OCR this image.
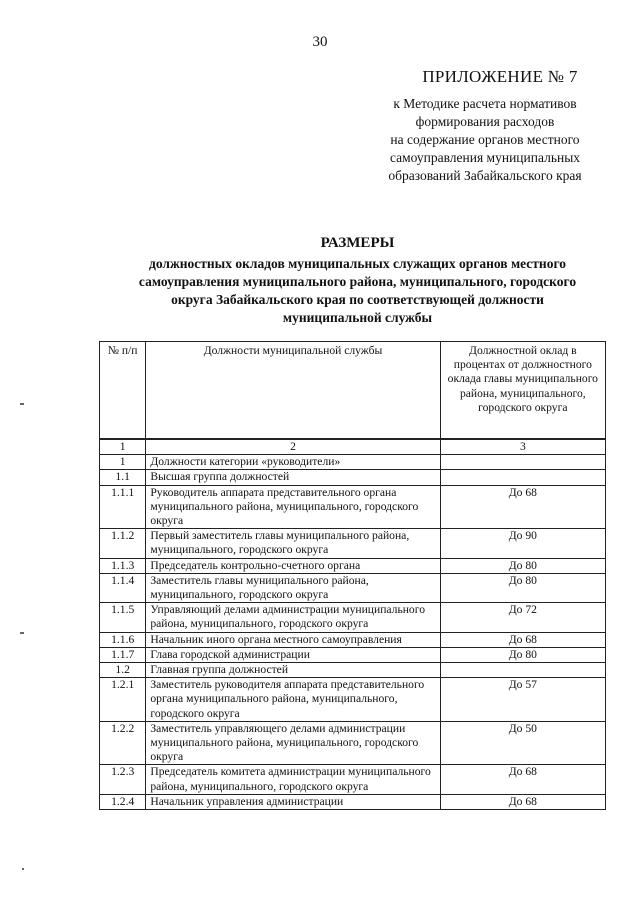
30
ПРИЛОЖЕНИЕ № 7
к Методике расчета нормативов
формирования расходов
на содержание органов местного
самоуправления муниципальных
образований Забайкальского края
РАЗМЕРЫ
должностных окладов муниципальных служащих органов местного
самоуправления муниципального района, муниципального, городского
округа Забайкальского края по соответствующей должности
муниципальной службы
№ п/п	Должности муниципальной службы	Должностной оклад в процентах от должностного оклада главы муниципального района, муниципального, городского округа
1	2	3
1	Должности категории «руководители»	
1.1	Высшая группа должностей	
1.1.1	Руководитель аппарата представительного органа муниципального района, муниципального, городского округа	До 68
1.1.2	Первый заместитель главы муниципального района, муниципального, городского округа	До 90
1.1.3	Председатель контрольно-счетного органа	До 80
1.1.4	Заместитель главы муниципального района, муниципального, городского округа	До 80
1.1.5	Управляющий делами администрации муниципального района, муниципального, городского округа	До 72
1.1.6	Начальник иного органа местного самоуправления	До 68
1.1.7	Глава городской администрации	До 80
1.2	Главная группа должностей	
1.2.1	Заместитель руководителя аппарата представительного органа муниципального района, муниципального, городского округа	До 57
1.2.2	Заместитель управляющего делами администрации муниципального района, муниципального, городского округа	До 50
1.2.3	Председатель комитета администрации муниципального района, муниципального, городского округа	До 68
1.2.4	Начальник управления администрации	До 68
